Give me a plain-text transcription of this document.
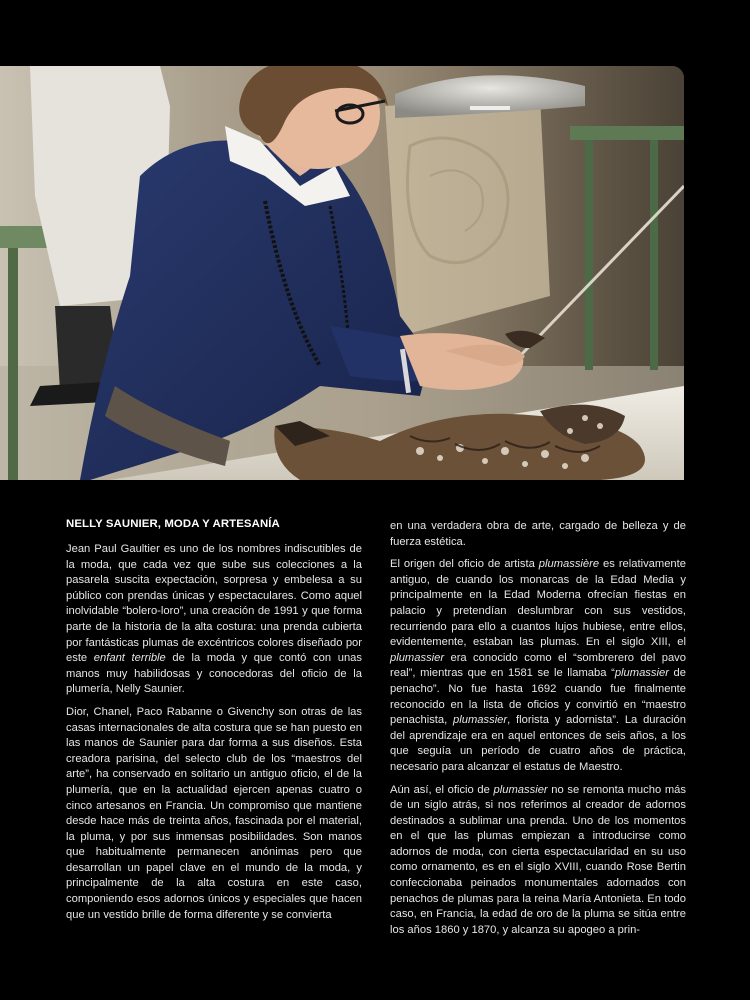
NELLY SAUNIER, MODA Y ARTESANÍA

Jean Paul Gaultier es uno de los nombres indiscutibles de la moda, que cada vez que sube sus colecciones a la pasarela suscita expectación, sorpresa y embelesa a su público con prendas únicas y espectaculares. Como aquel inolvidable “bolero-loro”, una creación de 1991 y que forma parte de la historia de la alta costura: una prenda cubierta por fantásticas plumas de excéntricos colores diseñado por este enfant terrible de la moda y que contó con unas manos muy habilidosas y conocedoras del oficio de la plumería, Nelly Saunier.

Dior, Chanel, Paco Rabanne o Givenchy son otras de las casas internacionales de alta costura que se han puesto en las manos de Saunier para dar forma a sus diseños. Esta creadora parisina, del selecto club de los “maestros del arte”, ha conservado en solitario un antiguo oficio, el de la plumería, que en la actualidad ejercen apenas cuatro o cinco artesanos en Francia. Un compromiso que mantiene desde hace más de treinta años, fascinada por el material, la pluma, y por sus inmensas posibilidades. Son manos que habitualmente permanecen anónimas pero que desarrollan un papel clave en el mundo de la moda, y principalmente de la alta costura en este caso, componiendo esos adornos únicos y especiales que hacen que un vestido brille de forma diferente y se convierta

en una verdadera obra de arte, cargado de belleza y de fuerza estética.

El origen del oficio de artista plumassière es relativamente antiguo, de cuando los monarcas de la Edad Media y principalmente en la Edad Moderna ofrecían fiestas en palacio y pretendían deslumbrar con sus vestidos, recurriendo para ello a cuantos lujos hubiese, entre ellos, evidentemente, estaban las plumas. En el siglo XIII, el plumassier era conocido como el “sombrerero del pavo real”, mientras que en 1581 se le llamaba “plumassier de penacho”. No fue hasta 1692 cuando fue finalmente reconocido en la lista de oficios y convirtió en “maestro penachista, plumassier, florista y adornista”. La duración del aprendizaje era en aquel entonces de seis años, a los que seguía un período de cuatro años de práctica, necesario para alcanzar el estatus de Maestro.

Aún así, el oficio de plumassier no se remonta mucho más de un siglo atrás, si nos referimos al creador de adornos destinados a sublimar una prenda. Uno de los momentos en el que las plumas empiezan a introducirse como adornos de moda, con cierta espectacularidad en su uso como ornamento, es en el siglo XVIII, cuando Rose Bertin confeccionaba peinados monumentales adornados con penachos de plumas para la reina María Antonieta. En todo caso, en Francia, la edad de oro de la pluma se sitúa entre los años 1860 y 1870, y alcanza su apogeo a prin-
